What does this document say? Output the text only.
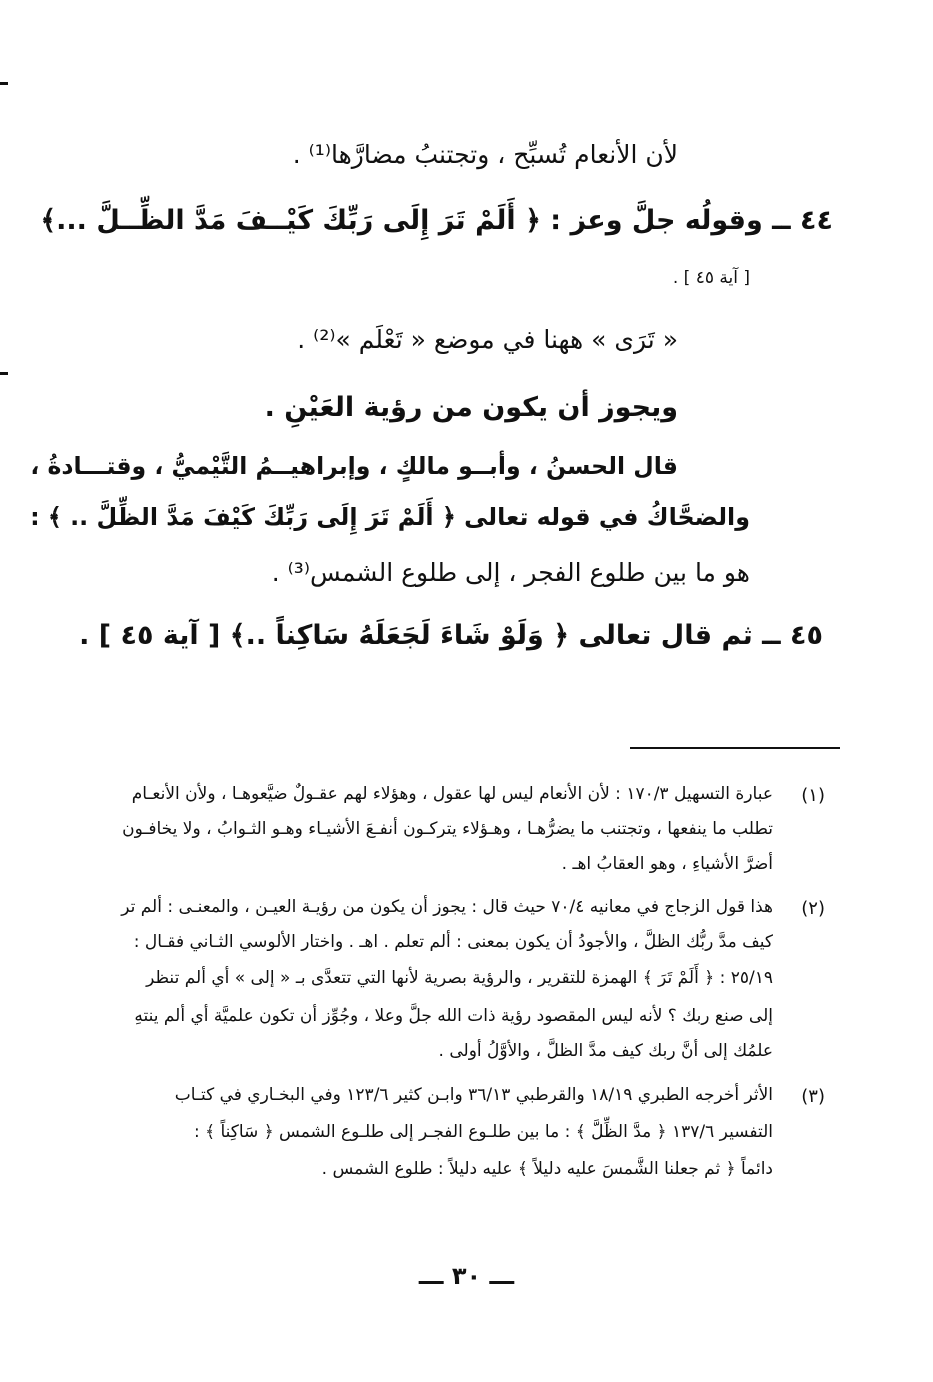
لأن الأنعام تُسبِّح ، وتجتنبُ مضارَّها⁽¹⁾ .
٤٤ ــ وقولُه جلَّ وعز : ﴿ أَلَمْ تَرَ إِلَى رَبِّكَ كَيْــفَ مَدَّ الظِّــلَّ ...﴾
[ آية ٤٥ ] .
« تَرَى » ههنا في موضع « تَعْلَم »⁽²⁾ .
ويجوز أن يكون من رؤية العَيْنِ .
قال الحسنُ ، وأبــو مالكٍ ، وإبراهيــمُ التَّيْميُّ ، وقتـــادةُ ،
والضحَّاكُ في قوله تعالى ﴿ أَلَمْ تَرَ إِلَى رَبِّكَ كَيْفَ مَدَّ الظِّلَّ .. ﴾ :
هو ما بين طلوع الفجر ، إلى طلوع الشمس⁽³⁾ .
٤٥ ــ ثم قال تعالى ﴿ وَلَوْ شَاءَ لَجَعَلَهُ سَاكِناً ..﴾ [ آية ٤٥ ] .
(١)
عبارة التسهيل ١٧٠/٣ : لأن الأنعام ليس لها عقول ، وهؤلاء لهم عقـولٌ ضيَّعوهـا ، ولأن الأنعـام
تطلب ما ينفعها ، وتجتنب ما يضرُّهـا ، وهـؤلاء يتركـون أنفـعَ الأشيـاء وهـو الثـوابُ ، ولا يخافـون
أضرَّ الأشياءِ ، وهو العقابُ اهـ .
(٢)
هذا قول الزجاج في معانيه ٧٠/٤ حيث قال : يجوز أن يكون من رؤيـة العيـن ، والمعنـى : ألم تر
كيف مدَّ ربُّك الظلَّ ، والأجودُ أن يكون بمعنى : ألم تعلم . اهـ . واختار الألوسي الثـاني فقـال :
٢٥/١٩ : ﴿ أَلَمْ تَرَ ﴾ الهمزة للتقرير ، والرؤية بصرية لأنها التي تتعدَّى بـ « إلى » أي ألم تنظر
إلى صنع ربك ؟ لأنه ليس المقصود رؤية ذات الله جلَّ وعلا ، وجُوِّز أن تكون علميَّة أي ألم ينتهِ
علمُك إلى أنَّ ربك كيف مدَّ الظلَّ ، والأوَّلُ أولى .
(٣)
الأثر أخرجه الطبري ١٨/١٩ والقرطبي ٣٦/١٣ وابـن كثير ١٢٣/٦ وفي البخـاري في كتـاب
التفسير ١٣٧/٦ ﴿ مدَّ الظِّلَّ ﴾ : ما بين طلـوع الفجـر إلى طلـوع الشمس ﴿ سَاكِناً ﴾ :
دائماً ﴿ ثم جعلنا الشَّمسَ عليه دليلاً ﴾ عليه دليلاً : طلوع الشمس .
ـــ ٣٠ ـــ
